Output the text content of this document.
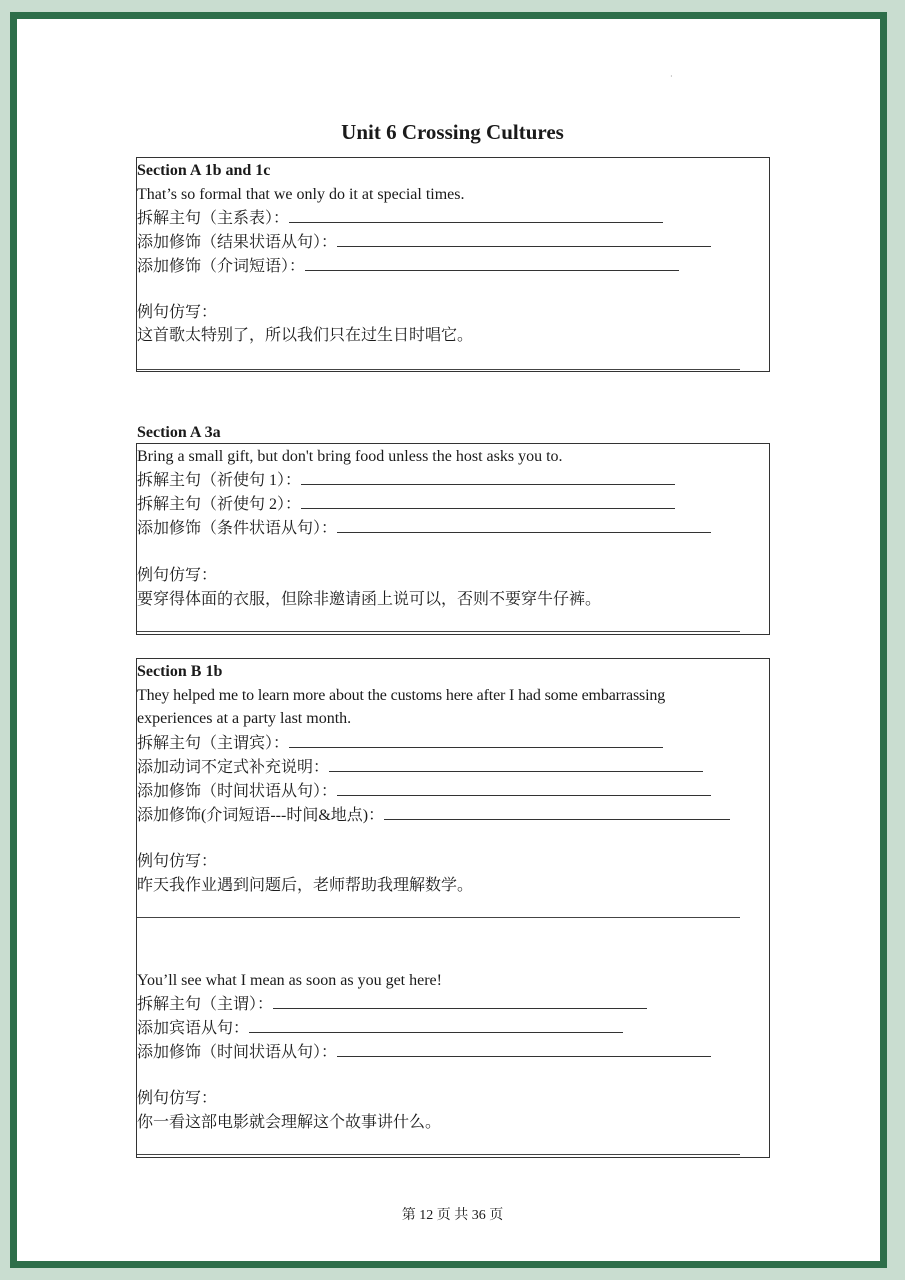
·
Unit 6 Crossing Cultures
Section A 1b and 1c
That’s so formal that we only do it at special times.
拆解主句（主系表）：
添加修饰（结果状语从句）：
添加修饰（介词短语）：
例句仿写：
这首歌太特别了，所以我们只在过生日时唱它。
Section A 3a
Bring a small gift, but don't bring food unless the host asks you to.
拆解主句（祈使句 1）：
拆解主句（祈使句 2）：
添加修饰（条件状语从句）：
例句仿写：
要穿得体面的衣服，但除非邀请函上说可以，否则不要穿牛仔裤。
Section B 1b
They helped me to learn more about the customs here after I had some embarrassing
experiences at a party last month.
拆解主句（主谓宾）：
添加动词不定式补充说明：
添加修饰（时间状语从句）：
添加修饰(介词短语---时间&地点)：
例句仿写：
昨天我作业遇到问题后，老师帮助我理解数学。
You’ll see what I mean as soon as you get here!
拆解主句（主谓）：
添加宾语从句：
添加修饰（时间状语从句）：
例句仿写：
你一看这部电影就会理解这个故事讲什么。
第 12 页 共 36 页
